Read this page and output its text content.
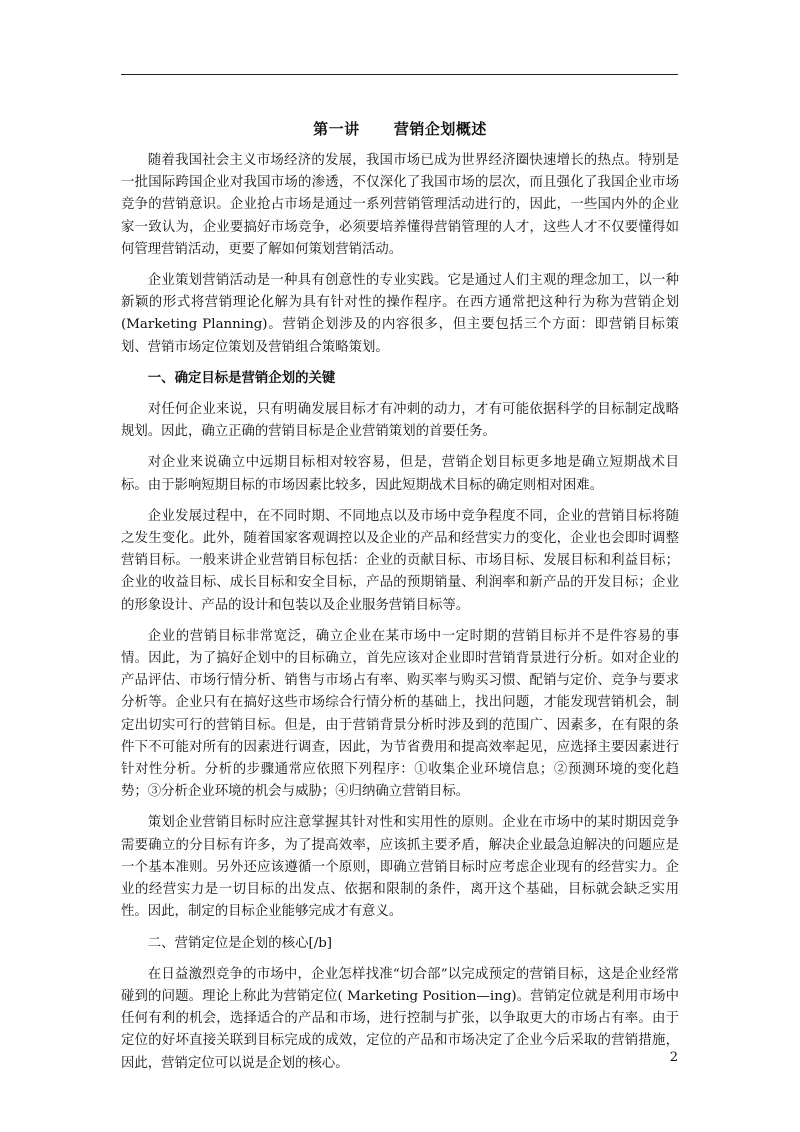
第一讲      营销企划概述

随着我国社会主义市场经济的发展，我国市场已成为世界经济圈快速增长的热点。特别是一批国际跨国企业对我国市场的渗透，不仅深化了我国市场的层次，而且强化了我国企业市场竞争的营销意识。企业抢占市场是通过一系列营销管理活动进行的，因此，一些国内外的企业家一致认为，企业要搞好市场竞争，必须要培养懂得营销管理的人才，这些人才不仅要懂得如何管理营销活动，更要了解如何策划营销活动。

企业策划营销活动是一种具有创意性的专业实践。它是通过人们主观的理念加工，以一种新颖的形式将营销理论化解为具有针对性的操作程序。在西方通常把这种行为称为营销企划(Marketing Planning)。营销企划涉及的内容很多，但主要包括三个方面：即营销目标策划、营销市场定位策划及营销组合策略策划。

一、确定目标是营销企划的关键

对任何企业来说，只有明确发展目标才有冲刺的动力，才有可能依据科学的目标制定战略规划。因此，确立正确的营销目标是企业营销策划的首要任务。

对企业来说确立中远期目标相对较容易，但是，营销企划目标更多地是确立短期战术目标。由于影响短期目标的市场因素比较多，因此短期战术目标的确定则相对困难。

企业发展过程中，在不同时期、不同地点以及市场中竞争程度不同，企业的营销目标将随之发生变化。此外，随着国家客观调控以及企业的产品和经营实力的变化，企业也会即时调整营销目标。一般来讲企业营销目标包括：企业的贡献目标、市场目标、发展目标和利益目标；企业的收益目标、成长目标和安全目标，产品的预期销量、利润率和新产品的开发目标；企业的形象设计、产品的设计和包装以及企业服务营销目标等。

企业的营销目标非常宽泛，确立企业在某市场中一定时期的营销目标并不是件容易的事情。因此，为了搞好企划中的目标确立，首先应该对企业即时营销背景进行分析。如对企业的产品评估、市场行情分析、销售与市场占有率、购买率与购买习惯、配销与定价、竞争与要求分析等。企业只有在搞好这些市场综合行情分析的基础上，找出问题，才能发现营销机会，制定出切实可行的营销目标。但是，由于营销背景分析时涉及到的范围广、因素多，在有限的条件下不可能对所有的因素进行调查，因此，为节省费用和提高效率起见，应选择主要因素进行针对性分析。分析的步骤通常应依照下列程序：①收集企业环境信息；②预测环境的变化趋势；③分析企业环境的机会与威胁；④归纳确立营销目标。

策划企业营销目标时应注意掌握其针对性和实用性的原则。企业在市场中的某时期因竞争需要确立的分目标有许多，为了提高效率，应该抓主要矛盾，解决企业最急迫解决的问题应是一个基本准则。另外还应该遵循一个原则，即确立营销目标时应考虑企业现有的经营实力。企业的经营实力是一切目标的出发点、依据和限制的条件，离开这个基础，目标就会缺乏实用性。因此，制定的目标企业能够完成才有意义。

二、营销定位是企划的核心[/b]

在日益激烈竞争的市场中，企业怎样找准“切合部”以完成预定的营销目标，这是企业经常碰到的问题。理论上称此为营销定位( Marketing Position—ing)。营销定位就是利用市场中任何有利的机会，选择适合的产品和市场，进行控制与扩张，以争取更大的市场占有率。由于定位的好坏直接关联到目标完成的成效，定位的产品和市场决定了企业今后采取的营销措施，因此，营销定位可以说是企划的核心。	2
